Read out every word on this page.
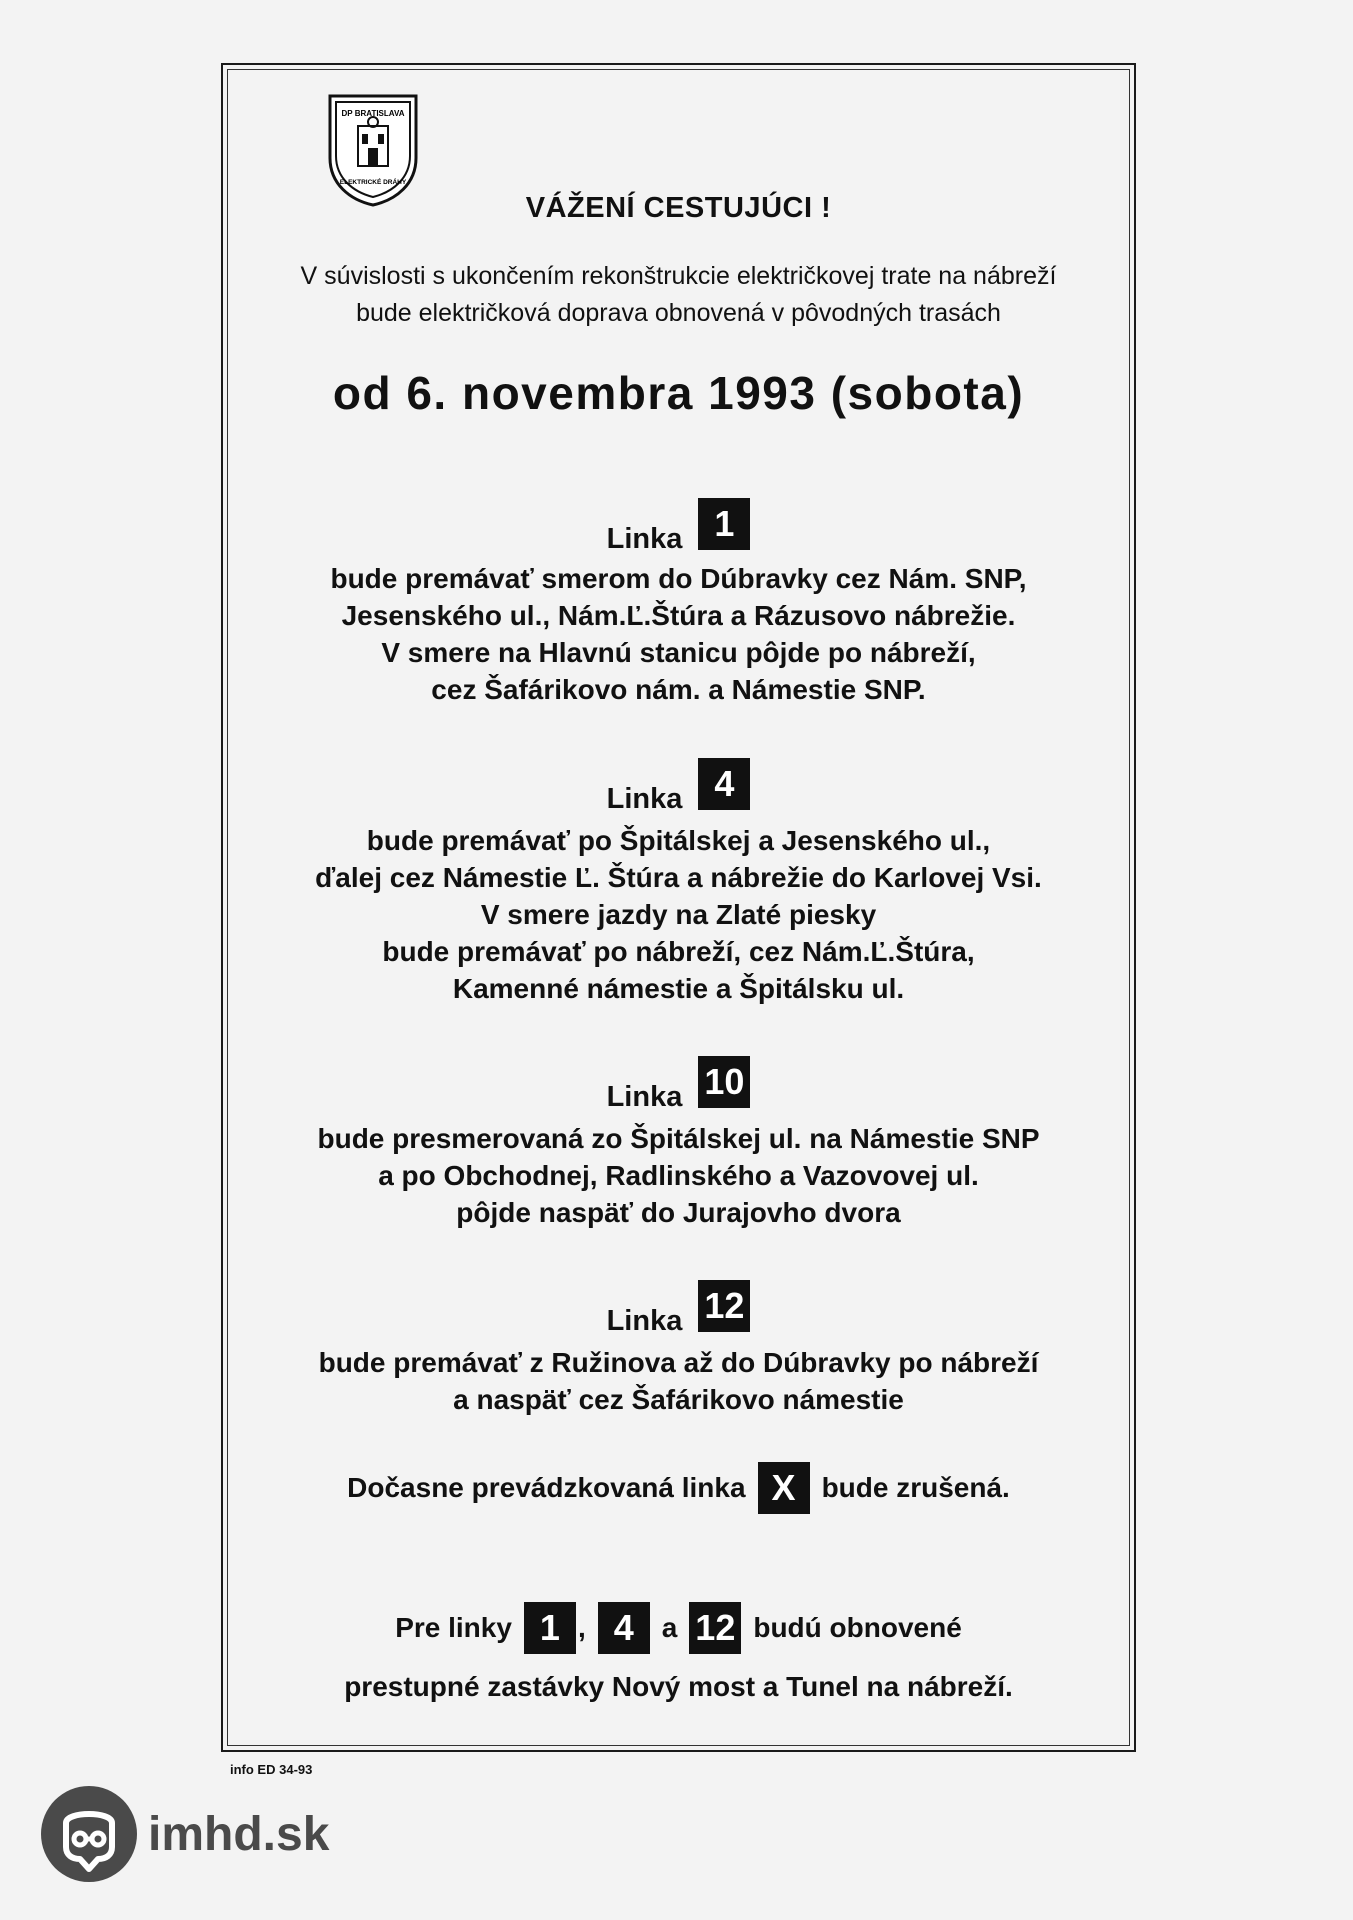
DP BRATISLAVA
ELEKTRICKÉ DRÁHY
VÁŽENÍ CESTUJÚCI !
V súvislosti s ukončením rekonštrukcie električkovej trate na nábreží
bude električková doprava obnovená v pôvodných trasách
od 6. novembra 1993 (sobota)
Linka 1
bude premávať smerom do Dúbravky cez Nám. SNP,
Jesenského ul., Nám.Ľ.Štúra a Rázusovo nábrežie.
V smere na Hlavnú stanicu pôjde po nábreží,
cez Šafárikovo nám. a Námestie SNP.
Linka 4
bude premávať po Špitálskej a Jesenského ul.,
ďalej cez Námestie Ľ. Štúra a nábrežie do Karlovej Vsi.
V smere jazdy na Zlaté piesky
bude premávať po nábreží, cez Nám.Ľ.Štúra,
Kamenné námestie a Špitálsku ul.
Linka 10
bude presmerovaná zo Špitálskej ul. na Námestie SNP
a po Obchodnej, Radlinského a Vazovovej ul.
pôjde naspäť do Jurajovho dvora
Linka 12
bude premávať z Ružinova až do Dúbravky po nábreží
a naspäť cez Šafárikovo námestie
Dočasne prevádzkovaná linka X bude zrušená.
Pre linky 1 , 4 a 12 budú obnovené
prestupné zastávky Nový most a Tunel na nábreží.
info ED 34-93
imhd.sk
